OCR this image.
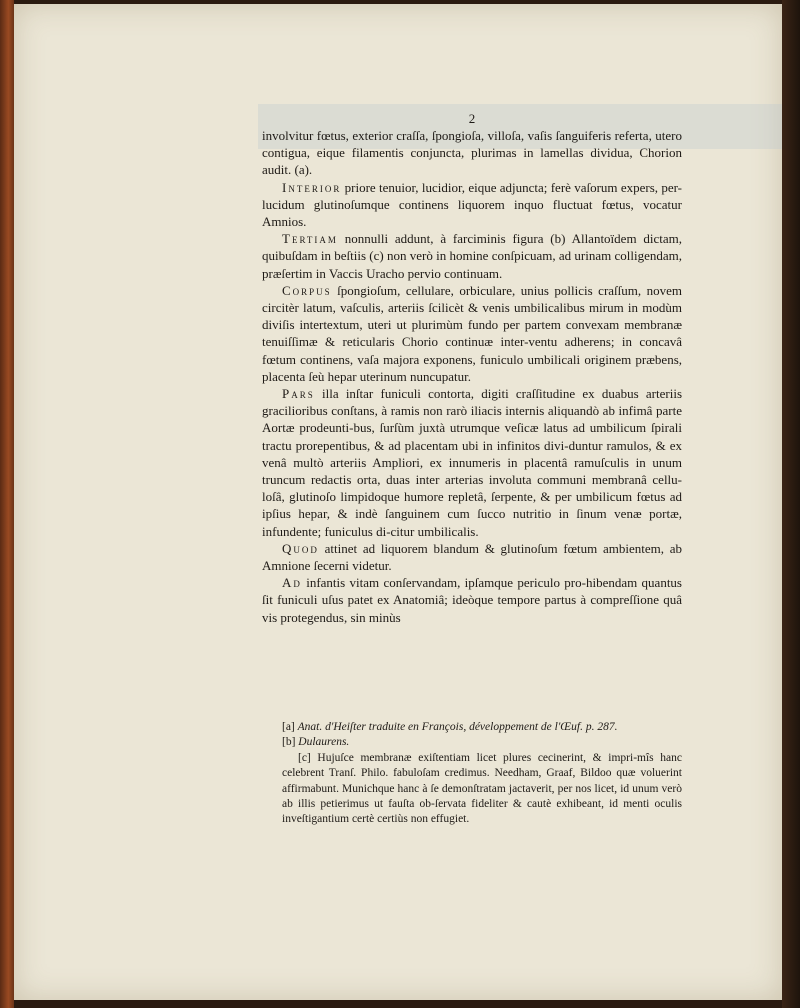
2

involvitur fœtus, exterior craſſa, ſpongioſa, villoſa, vaſis ſanguiferis referta, utero contigua, eique filamentis conjuncta, plurimas in lamellas dividua, Chorion audit. (a).

Interior priore tenuior, lucidior, eique adjuncta; ferè vaſorum expers, per-lucidum glutinoſumque continens liquorem inquo fluctuat fœtus, vocatur Amnios.

Tertiam nonnulli addunt, à farciminis figura (b) Allantoïdem dictam, quibuſdam in beſtiis (c) non verò in homine conſpicuam, ad urinam colligendam, præſertim in Vaccis Uracho pervio continuam.

Corpus ſpongioſum, cellulare, orbiculare, unius pollicis craſſum, novem circitèr latum, vaſculis, arteriis ſcilicèt & venis umbilicalibus mirum in modùm diviſis intertextum, uteri ut plurimùm fundo per partem convexam membranæ tenuiſſimæ & reticularis Chorio continuæ inter-ventu adherens; in concavâ fœtum continens, vaſa majora exponens, funiculo umbilicali originem præbens, placenta ſeù hepar uterinum nuncupatur.

Pars illa inſtar funiculi contorta, digiti craſſitudine ex duabus arteriis gracilioribus conſtans, à ramis non rarò iliacis internis aliquandò ab infimâ parte Aortæ prodeunti-bus, ſurſùm juxtà utrumque veſicæ latus ad umbilicum ſpirali tractu prorepentibus, & ad placentam ubi in infinitos divi-duntur ramulos, & ex venâ multò arteriis Ampliori, ex innumeris in placentâ ramuſculis in unum truncum redactis orta, duas inter arterias involuta communi membranâ cellu-loſâ, glutinoſo limpidoque humore repletâ, ſerpente, & per umbilicum fœtus ad ipſius hepar, & indè ſanguinem cum ſucco nutritio in ſinum venæ portæ, infundente; funiculus di-citur umbilicalis.

Quod attinet ad liquorem blandum & glutinoſum fœtum ambientem, ab Amnione ſecerni videtur.

Ad infantis vitam conſervandam, ipſamque periculo pro-hibendam quantus ſit funiculi uſus patet ex Anatomiâ; ideòque tempore partus à compreſſione quâ vis protegendus, sin minùs

[a] Anat. d'Heiſter traduite en François, développement de l'Œuf. p. 287.

[b] Dulaurens.

[c] Hujuſce membranæ exiſtentiam licet plures cecinerint, & impri-mîs hanc celebrent Tranſ. Philo. fabuloſam credimus. Needham, Graaf, Bildoo quæ voluerint affirmabunt. Munichque hanc à ſe demonſtratam jactaverit, per nos licet, id unum verò ab illis petierimus ut fauſta ob-ſervata fideliter & cautè exhibeant, id menti oculis inveſtigantium certè certiùs non effugiet.
